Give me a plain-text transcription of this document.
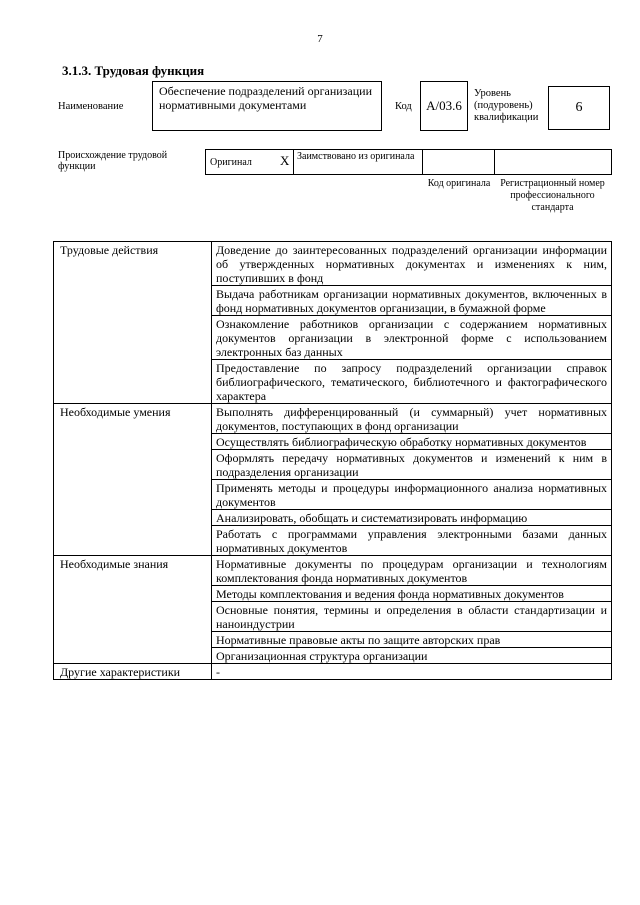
7
3.1.3. Трудовая функция
Наименование
Обеспечение подразделений организации нормативными документами	Код А/03.6
Уровень (подуровень) квалификации
6
Происхождение трудовой функции	Оригинал X Заимствовано из оригинала
Код оригинала Регистрационный номер профессионального стандарта
Трудовые действия	Доведение до заинтересованных подразделений организации информации об утвержденных нормативных документах и изменениях к ним, поступивших в фонд
	Выдача работникам организации нормативных документов, включенных в фонд нормативных документов организации, в бумажной форме
	Ознакомление работников организации с содержанием нормативных документов организации в электронной форме с использованием электронных баз данных
	Предоставление по запросу подразделений организации справок библиографического, тематического, библиотечного и фактографического характера
Необходимые умения	Выполнять дифференцированный (и суммарный) учет нормативных документов, поступающих в фонд организации
	Осуществлять библиографическую обработку нормативных документов
	Оформлять передачу нормативных документов и изменений к ним в подразделения организации
	Применять методы и процедуры информационного анализа нормативных документов
	Анализировать, обобщать и систематизировать информацию
	Работать с программами управления электронными базами данных нормативных документов
Необходимые знания	Нормативные документы по процедурам организации и технологиям комплектования фонда нормативных документов
	Методы комплектования и ведения фонда нормативных документов
	Основные понятия, термины и определения в области стандартизации и наноиндустрии
	Нормативные правовые акты по защите авторских прав
	Организационная структура организации
Другие характеристики	-
